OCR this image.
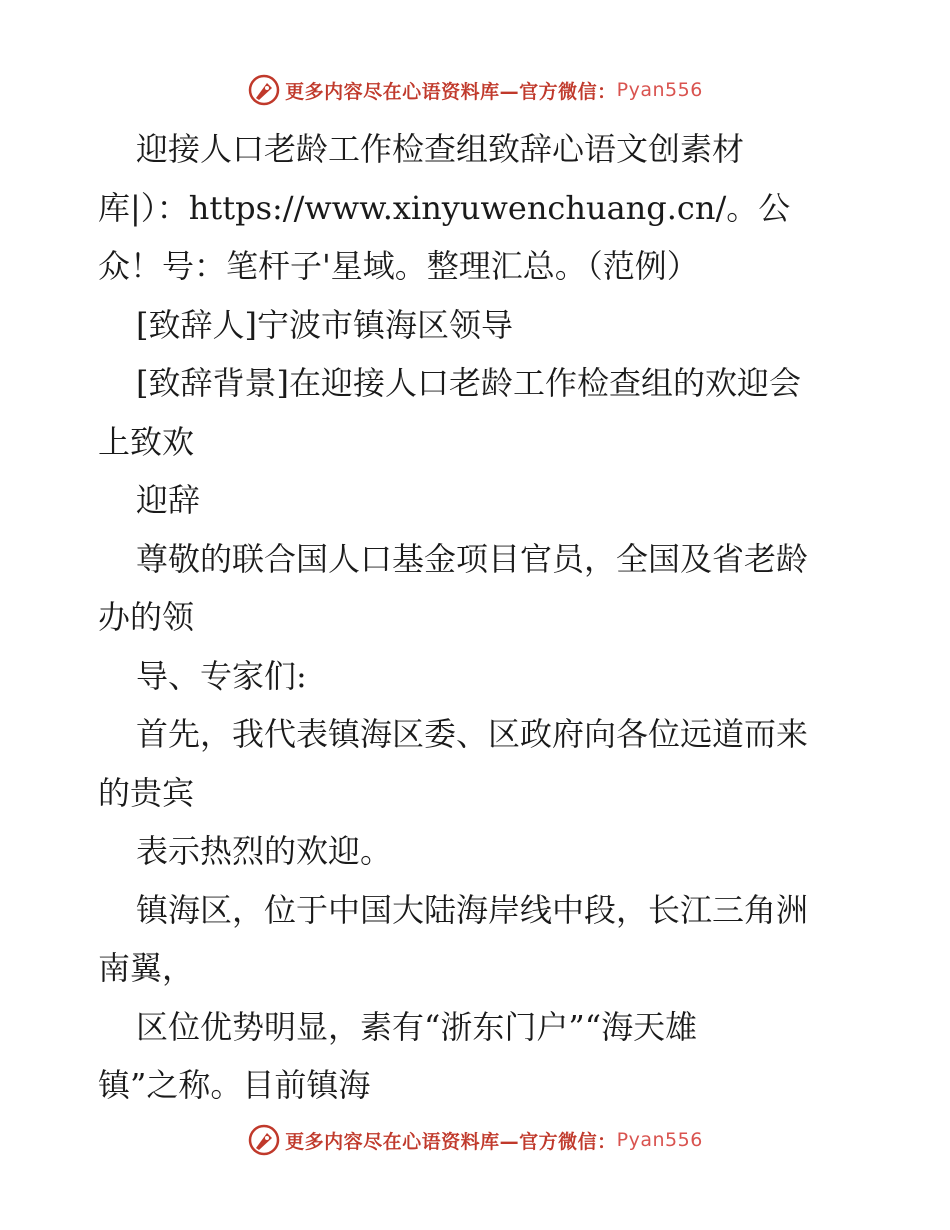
更多内容尽在心语资料库—官方微信： Pyan556

迎接人口老龄工作检查组致辞心语文创素材

库|）：https://www.xinyuwenchuang.cn/。公

众！号：笔杆子'星域。整理汇总。（范例）

[致辞人]宁波市镇海区领导

[致辞背景]在迎接人口老龄工作检查组的欢迎会

上致欢

迎辞

尊敬的联合国人口基金项目官员，全国及省老龄

办的领

导、专家们:

首先，我代表镇海区委、区政府向各位远道而来

的贵宾

表示热烈的欢迎。

镇海区，位于中国大陆海岸线中段，长江三角洲

南翼，

区位优势明显，素有“浙东门户”“海天雄

镇”之称。目前镇海

更多内容尽在心语资料库—官方微信： Pyan556
